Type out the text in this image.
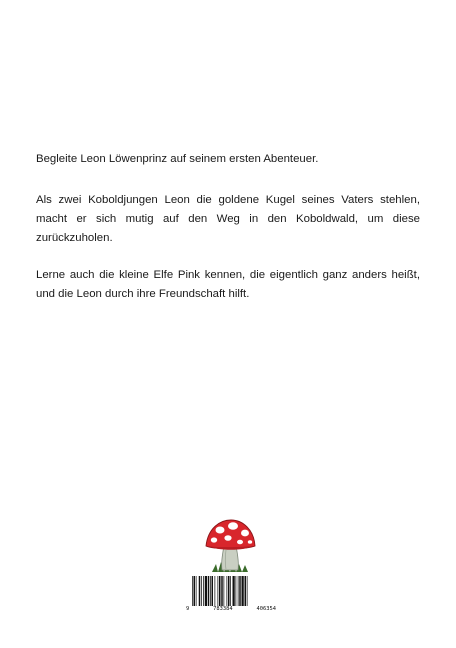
Begleite Leon Löwenprinz auf seinem ersten Abenteuer.

Als zwei Koboldjungen Leon die goldene Kugel seines Vaters stehlen, macht er sich mutig auf den Weg in den Koboldwald, um diese zurückzuholen.

Lerne auch die kleine Elfe Pink kennen, die eigentlich ganz anders heißt, und die Leon durch ihre Freundschaft hilft.

9	783384	406354
